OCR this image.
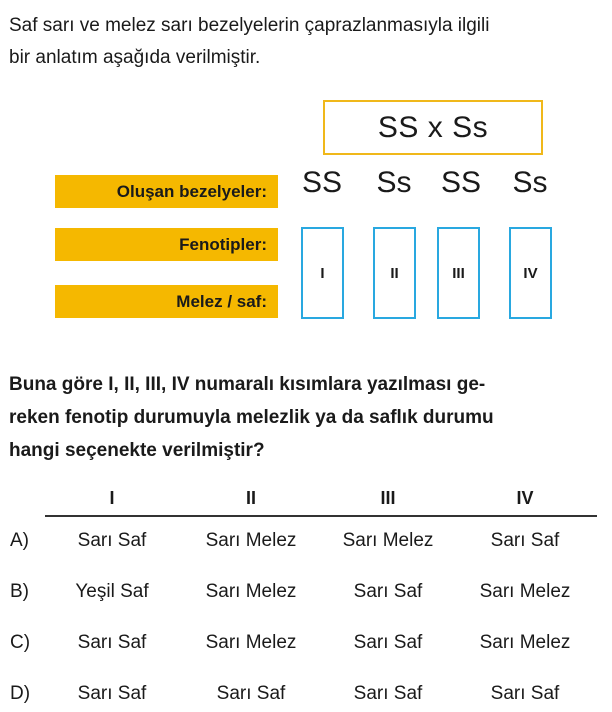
Saf sarı ve melez sarı bezelyelerin çaprazlanmasıyla ilgili
bir anlatım aşağıda verilmiştir.
SS x Ss
Oluşan bezelyeler:
Fenotipler:
Melez / saf:
SS	Ss SS	Ss
I	II	III	IV
Buna göre I, II, III, IV numaralı kısımlara yazılması ge-
reken fenotip durumuyla melezlik ya da saflık durumu
hangi seçenekte verilmiştir?
I	II	III	IV
A)	Sarı Saf	Sarı Melez	Sarı Melez	Sarı Saf
B)	Yeşil Saf	Sarı Melez	Sarı Saf	Sarı Melez
C)	Sarı Saf	Sarı Melez	Sarı Saf	Sarı Melez
D)	Sarı Saf	Sarı Saf	Sarı Saf	Sarı Saf
